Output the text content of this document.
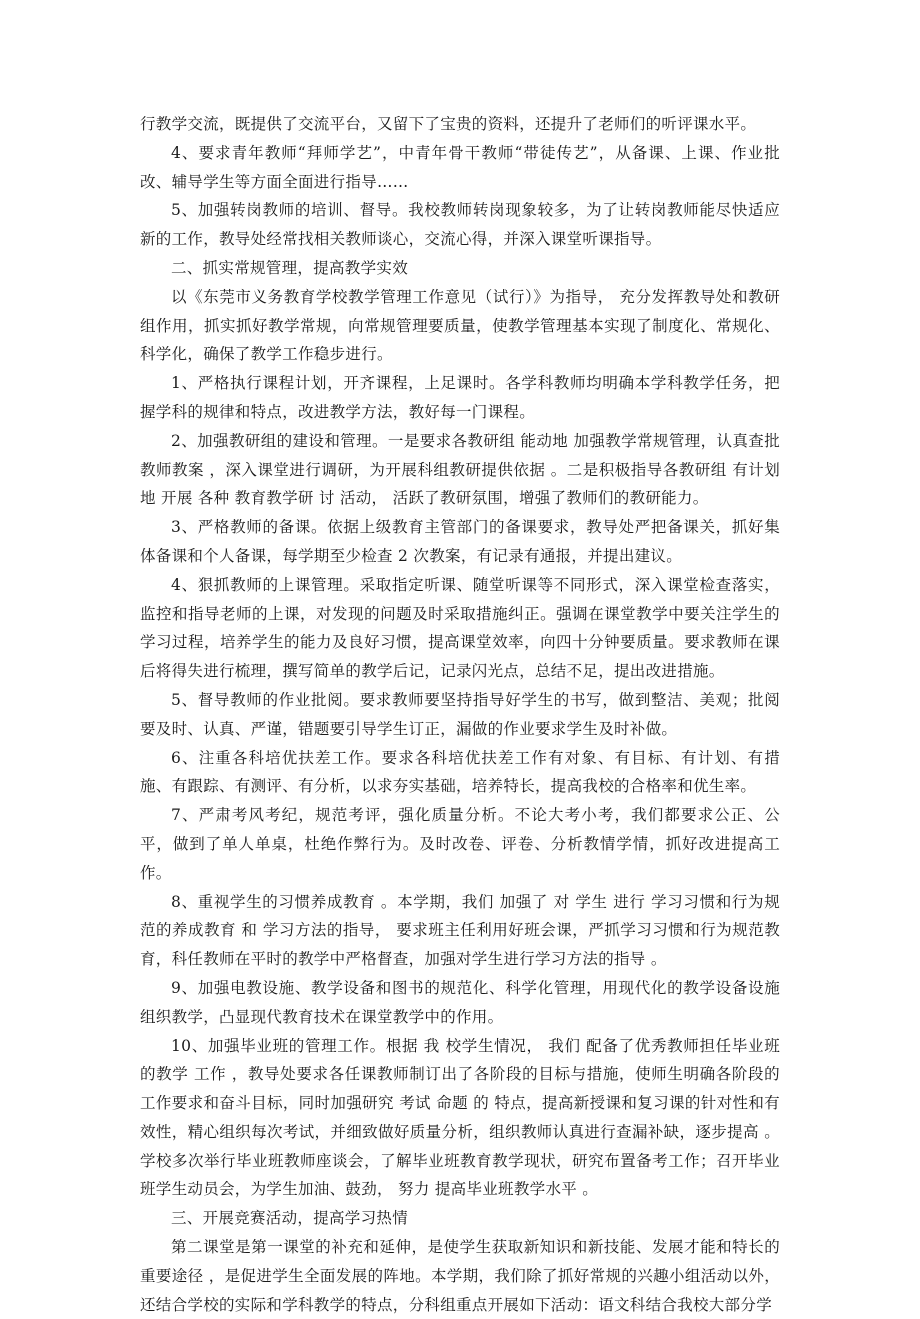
行教学交流，既提供了交流平台，又留下了宝贵的资料，还提升了老师们的听评课水平。

4、要求青年教师“拜师学艺”，中青年骨干教师“带徒传艺”，从备课、上课、作业批改、辅导学生等方面全面进行指导……

5、加强转岗教师的培训、督导。我校教师转岗现象较多，为了让转岗教师能尽快适应新的工作，教导处经常找相关教师谈心，交流心得，并深入课堂听课指导。

二、抓实常规管理，提高教学实效

以《东莞市义务教育学校教学管理工作意见（试行）》为指导， 充分发挥教导处和教研组作用，抓实抓好教学常规，向常规管理要质量，使教学管理基本实现了制度化、常规化、科学化，确保了教学工作稳步进行。

1、严格执行课程计划，开齐课程，上足课时。各学科教师均明确本学科教学任务，把握学科的规律和特点，改进教学方法，教好每一门课程。

2、加强教研组的建设和管理。一是要求各教研组 能动地 加强教学常规管理，认真查批教师教案 ，深入课堂进行调研，为开展科组教研提供依据 。二是积极指导各教研组 有计划地 开展 各种 教育教学研 讨 活动， 活跃了教研氛围，增强了教师们的教研能力。

3、严格教师的备课。依据上级教育主管部门的备课要求，教导处严把备课关，抓好集体备课和个人备课，每学期至少检查 2 次教案，有记录有通报，并提出建议。

4、狠抓教师的上课管理。采取指定听课、随堂听课等不同形式，深入课堂检查落实，监控和指导老师的上课，对发现的问题及时采取措施纠正。强调在课堂教学中要关注学生的学习过程，培养学生的能力及良好习惯，提高课堂效率，向四十分钟要质量。要求教师在课后将得失进行梳理，撰写简单的教学后记，记录闪光点，总结不足，提出改进措施。

5、督导教师的作业批阅。要求教师要坚持指导好学生的书写，做到整洁、美观；批阅要及时、认真、严谨，错题要引导学生订正，漏做的作业要求学生及时补做。

6、注重各科培优扶差工作。要求各科培优扶差工作有对象、有目标、有计划、有措施、有跟踪、有测评、有分析，以求夯实基础，培养特长，提高我校的合格率和优生率。

7、严肃考风考纪，规范考评，强化质量分析。不论大考小考，我们都要求公正、公平，做到了单人单桌，杜绝作弊行为。及时改卷、评卷、分析教情学情，抓好改进提高工作。

8、重视学生的习惯养成教育 。本学期，我们 加强了 对 学生 进行 学习习惯和行为规范的养成教育 和 学习方法的指导， 要求班主任利用好班会课，严抓学习习惯和行为规范教育，科任教师在平时的教学中严格督查，加强对学生进行学习方法的指导 。

9、加强电教设施、教学设备和图书的规范化、科学化管理，用现代化的教学设备设施组织教学，凸显现代教育技术在课堂教学中的作用。

10、加强毕业班的管理工作。根据 我 校学生情况， 我们 配备了优秀教师担任毕业班的教学 工作 ，教导处要求各任课教师制订出了各阶段的目标与措施，使师生明确各阶段的工作要求和奋斗目标，同时加强研究 考试 命题 的 特点，提高新授课和复习课的针对性和有效性，精心组织每次考试，并细致做好质量分析，组织教师认真进行查漏补缺，逐步提高 。学校多次举行毕业班教师座谈会，了解毕业班教育教学现状，研究布置备考工作；召开毕业班学生动员会，为学生加油、鼓劲， 努力 提高毕业班教学水平 。

三、开展竞赛活动，提高学习热情

第二课堂是第一课堂的补充和延伸，是使学生获取新知识和新技能、发展才能和特长的重要途径 ，是促进学生全面发展的阵地。本学期，我们除了抓好常规的兴趣小组活动以外，还结合学校的实际和学科教学的特点，分科组重点开展如下活动：语文科结合我校大部分学
